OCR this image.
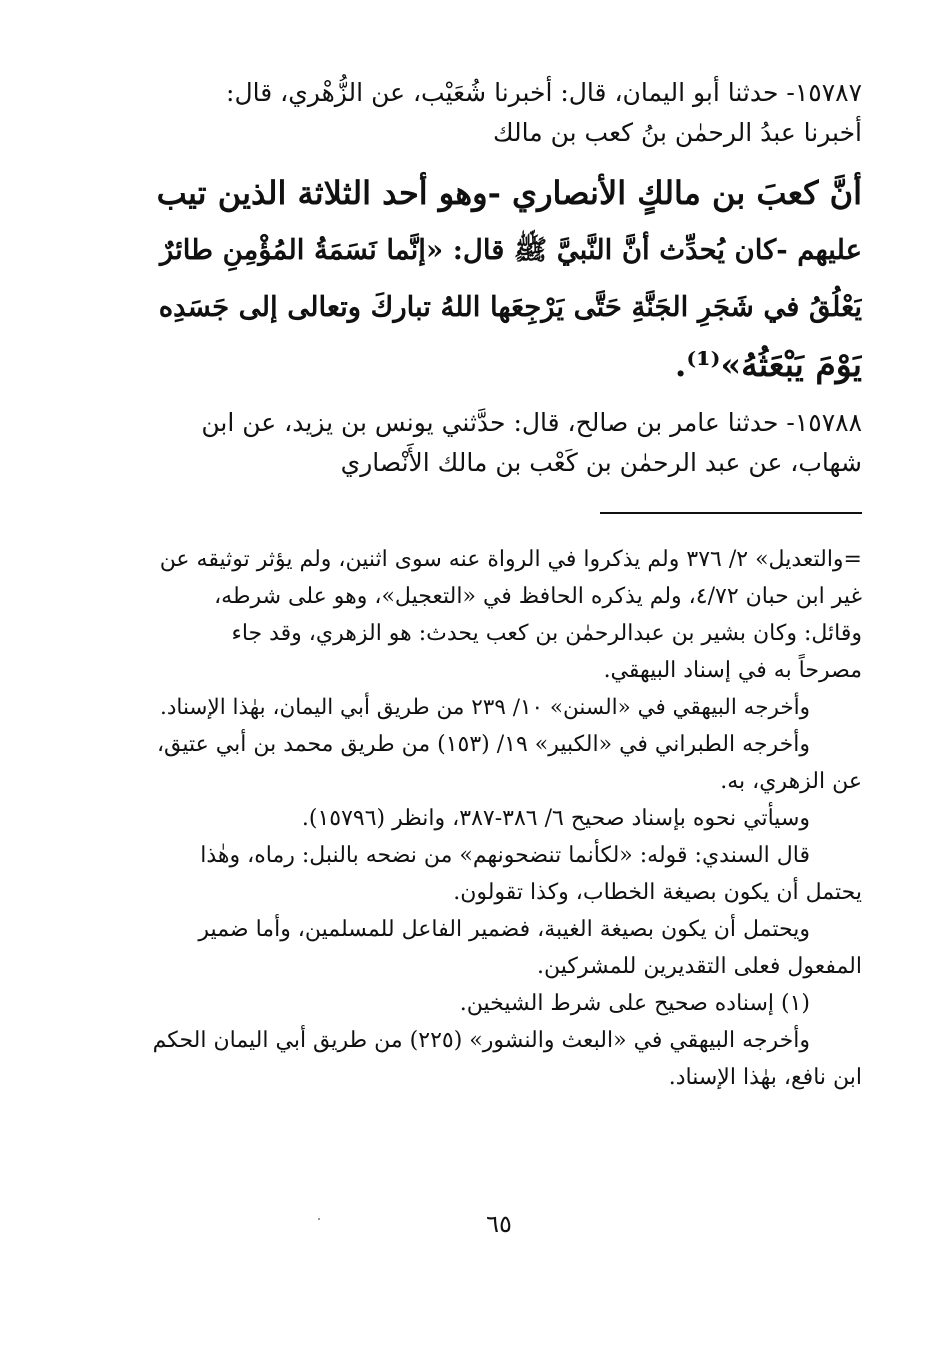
١٥٧٨٧- حدثنا أبو اليمان، قال: أخبرنا شُعَيْب، عن الزُّهْري، قال:
أخبرنا عبدُ الرحمٰن بنُ كعب بن مالك
أنَّ كعبَ بن مالكٍ الأنصاري -وهو أحد الثلاثة الذين تيب
عليهم -كان يُحدِّث أنَّ النَّبيَّ ﷺ قال: «إنَّما نَسَمَةُ المُؤْمِنِ طائرٌ
يَعْلُقُ في شَجَرِ الجَنَّةِ حَتَّى يَرْجِعَها اللهُ تباركَ وتعالى إلى جَسَدِه
يَوْمَ يَبْعَثُهُ»⁽¹⁾.
١٥٧٨٨- حدثنا عامر بن صالح، قال: حدَّثني يونس بن يزيد، عن ابن
شهاب، عن عبد الرحمٰن بن كَعْب بن مالك الأَنْصاري
=والتعديل» ٢/ ٣٧٦ ولم يذكروا في الرواة عنه سوى اثنين، ولم يؤثر توثيقه عن
غير ابن حبان ٤/٧٢، ولم يذكره الحافظ في «التعجيل»، وهو على شرطه،
وقائل: وكان بشير بن عبدالرحمٰن بن كعب يحدث: هو الزهري، وقد جاء
مصرحاً به في إسناد البيهقي.
وأخرجه البيهقي في «السنن» ١٠/ ٢٣٩ من طريق أبي اليمان، بهٰذا الإسناد.
وأخرجه الطبراني في «الكبير» ١٩/ (١٥٣) من طريق محمد بن أبي عتيق،
عن الزهري، به.
وسيأتي نحوه بإسناد صحيح ٦/ ٣٨٦-٣٨٧، وانظر (١٥٧٩٦).
قال السندي: قوله: «لكأنما تنضحونهم» من نضحه بالنبل: رماه، وهٰذا
يحتمل أن يكون بصيغة الخطاب، وكذا تقولون.
ويحتمل أن يكون بصيغة الغيبة، فضمير الفاعل للمسلمين، وأما ضمير
المفعول فعلى التقديرين للمشركين.
(١) إسناده صحيح على شرط الشيخين.
وأخرجه البيهقي في «البعث والنشور» (٢٢٥) من طريق أبي اليمان الحكم
ابن نافع، بهٰذا الإسناد.
٦٥
